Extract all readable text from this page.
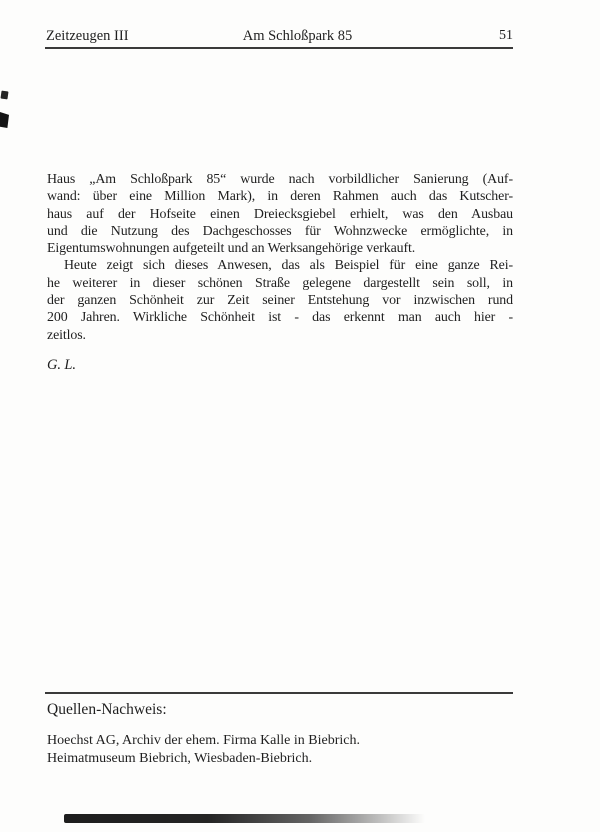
Zeitzeugen III	Am Schloßpark 85	51
Haus „Am Schloßpark 85“ wurde nach vorbildlicher Sanierung (Auf-
wand: über eine Million Mark), in deren Rahmen auch das Kutscher-
haus auf der Hofseite einen Dreiecksgiebel erhielt, was den Ausbau
und die Nutzung des Dachgeschosses für Wohnzwecke ermöglichte, in
Eigentumswohnungen aufgeteilt und an Werksangehörige verkauft.
Heute zeigt sich dieses Anwesen, das als Beispiel für eine ganze Rei-
he weiterer in dieser schönen Straße gelegene dargestellt sein soll, in
der ganzen Schönheit zur Zeit seiner Entstehung vor inzwischen rund
200 Jahren. Wirkliche Schönheit ist - das erkennt man auch hier -
zeitlos.
G. L.
Quellen-Nachweis:
Hoechst AG, Archiv der ehem. Firma Kalle in Biebrich.
Heimatmuseum Biebrich, Wiesbaden-Biebrich.
